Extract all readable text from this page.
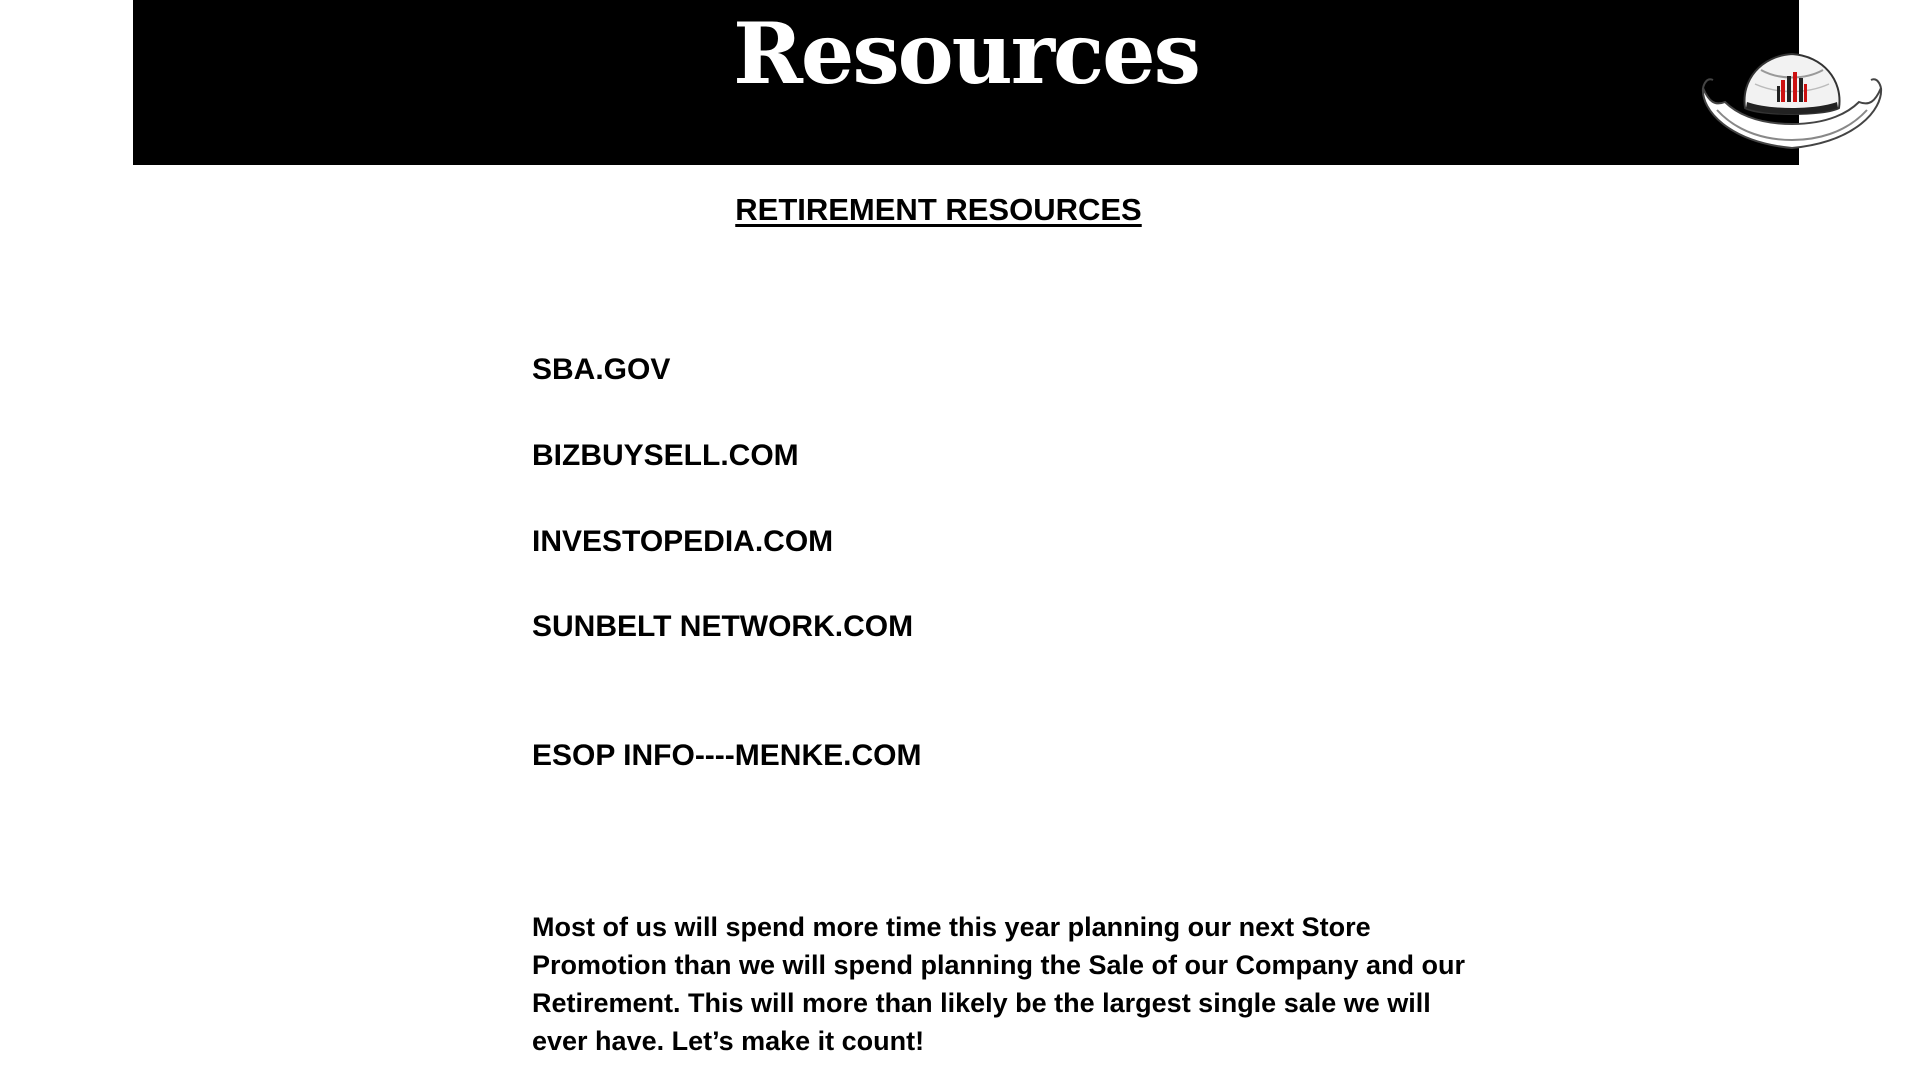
Resources
RETIREMENT RESOURCES
SBA.GOV
BIZBUYSELL.COM
INVESTOPEDIA.COM
SUNBELT NETWORK.COM
ESOP INFO----MENKE.COM

Most of us will spend more time this year planning our next Store Promotion than we will spend planning the Sale of our Company and our Retirement. This will more than likely be the largest single sale we will ever have. Let’s make it count!
